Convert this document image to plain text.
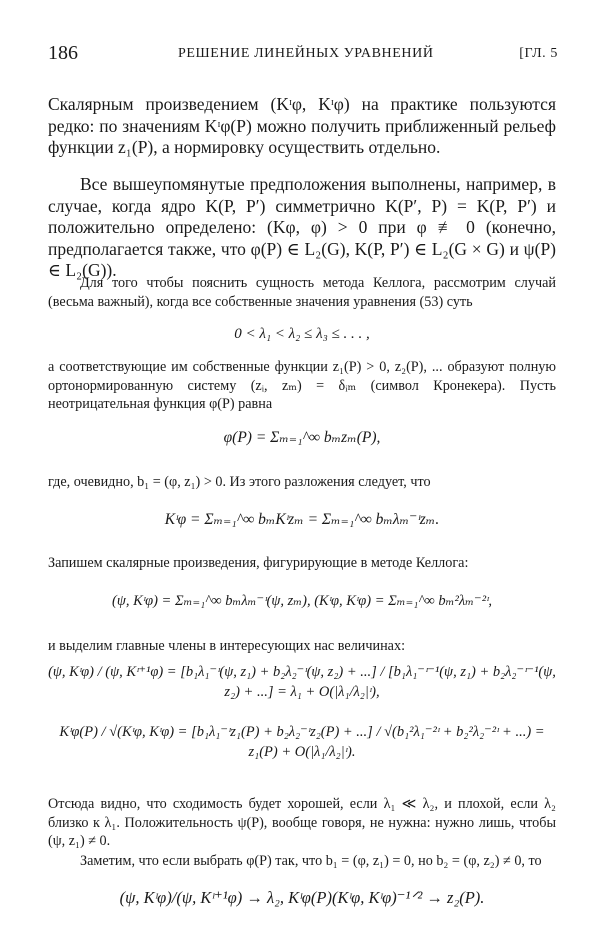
186	РЕШЕНИЕ ЛИНЕЙНЫХ УРАВНЕНИЙ	[ГЛ. 5

Скалярным произведением (Kᶦφ, Kᶦφ) на практике пользуются редко: по значениям Kᶦφ(P) можно получить приближенный рельеф функции z₁(P), а нормировку осуществить отдельно.

Все вышеупомянутые предположения выполнены, например, в случае, когда ядро K(P, P′) симметрично K(P′, P) = K(P, P′) и положительно определено: (Kφ, φ) > 0 при φ ≢ 0 (конечно, предполагается также, что φ(P) ∈ L₂(G), K(P, P′) ∈ L₂(G × G) и ψ(P) ∈ L₂(G)).

Для того чтобы пояснить сущность метода Келлога, рассмотрим случай (весьма важный), когда все собственные значения уравнения (53) суть

0 < λ₁ < λ₂ ≤ λ₃ ≤ . . . ,

а соответствующие им собственные функции z₁(P) > 0, z₂(P), ... образуют полную ортонормированную систему (zᵢ, zₘ) = δᵢₘ (символ Кронекера). Пусть неотрицательная функция φ(P) равна

φ(P) = Σₘ₌₁^∞ bₘzₘ(P),

где, очевидно, b₁ = (φ, z₁) > 0. Из этого разложения следует, что

Kᶦφ = Σₘ₌₁^∞ bₘKᶦzₘ = Σₘ₌₁^∞ bₘλₘ⁻ᶦzₘ.

Запишем скалярные произведения, фигурирующие в методе Келлога:

(ψ, Kᶦφ) = Σₘ₌₁^∞ bₘλₘ⁻ᶦ(ψ, zₘ), (Kᶦφ, Kᶦφ) = Σₘ₌₁^∞ bₘ²λₘ⁻²ᶦ,

и выделим главные члены в интересующих нас величинах:

(ψ, Kᶦφ) / (ψ, Kᶦ⁺¹φ) = [b₁λ₁⁻ᶦ(ψ, z₁) + b₂λ₂⁻ᶦ(ψ, z₂) + ...] / [b₁λ₁⁻ᶦ⁻¹(ψ, z₁) + b₂λ₂⁻ᶦ⁻¹(ψ, z₂) + ...] = λ₁ + O(|λ₁/λ₂|ᶦ),
Kᶦφ(P) / √(Kᶦφ, Kᶦφ) = [b₁λ₁⁻ᶦz₁(P) + b₂λ₂⁻ᶦz₂(P) + ...] / √(b₁²λ₁⁻²ᶦ + b₂²λ₂⁻²ᶦ + ...) = z₁(P) + O(|λ₁/λ₂|ᶦ).

Отсюда видно, что сходимость будет хорошей, если λ₁ ≪ λ₂, и плохой, если λ₂ близко к λ₁. Положительность ψ(P), вообще говоря, не нужна: нужно лишь, чтобы (ψ, z₁) ≠ 0.

Заметим, что если выбрать φ(P) так, что b₁ = (φ, z₁) = 0, но b₂ = (φ, z₂) ≠ 0, то

(ψ, Kᶦφ)/(ψ, Kᶦ⁺¹φ) → λ₂, Kᶦφ(P)(Kᶦφ, Kᶦφ)⁻¹ᐟ² → z₂(P).
